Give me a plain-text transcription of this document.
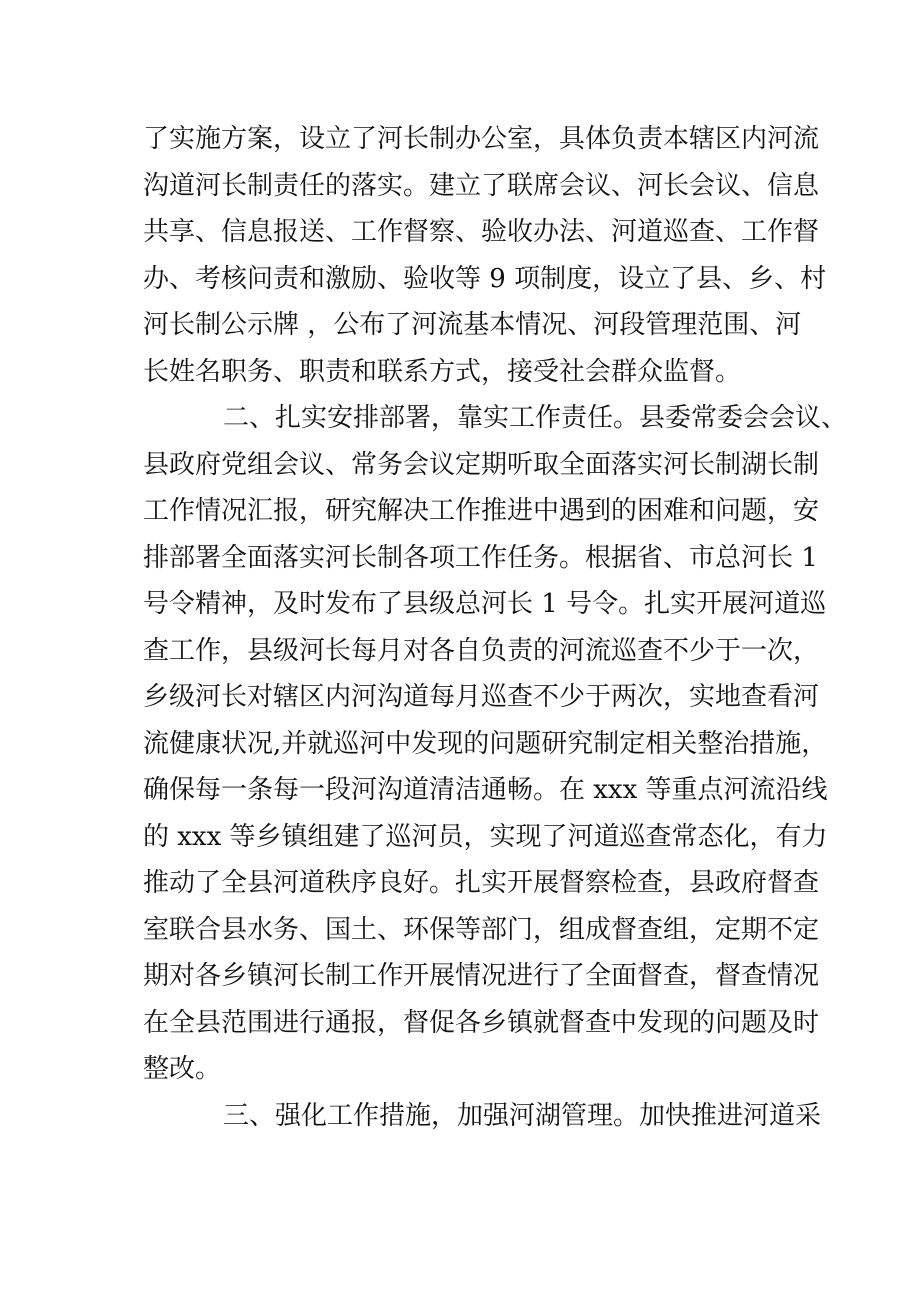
了实施方案，设立了河长制办公室，具体负责本辖区内河流
沟道河长制责任的落实。建立了联席会议、河长会议、信息
共享、信息报送、工作督察、验收办法、河道巡查、工作督
办、考核问责和激励、验收等 9 项制度，设立了县、乡、村
河长制公示牌 ，公布了河流基本情况、河段管理范围、河
长姓名职务、职责和联系方式，接受社会群众监督。
二、扎实安排部署，靠实工作责任。县委常委会会议、
县政府党组会议、常务会议定期听取全面落实河长制湖长制
工作情况汇报，研究解决工作推进中遇到的困难和问题，安
排部署全面落实河长制各项工作任务。根据省、市总河长 1
号令精神，及时发布了县级总河长 1 号令。扎实开展河道巡
查工作，县级河长每月对各自负责的河流巡查不少于一次，
乡级河长对辖区内河沟道每月巡查不少于两次，实地查看河
流健康状况,并就巡河中发现的问题研究制定相关整治措施，
确保每一条每一段河沟道清洁通畅。在 xxx 等重点河流沿线
的 xxx 等乡镇组建了巡河员，实现了河道巡查常态化，有力
推动了全县河道秩序良好。扎实开展督察检查，县政府督查
室联合县水务、国土、环保等部门，组成督查组，定期不定
期对各乡镇河长制工作开展情况进行了全面督查，督查情况
在全县范围进行通报，督促各乡镇就督查中发现的问题及时
整改。
三、强化工作措施，加强河湖管理。加快推进河道采
